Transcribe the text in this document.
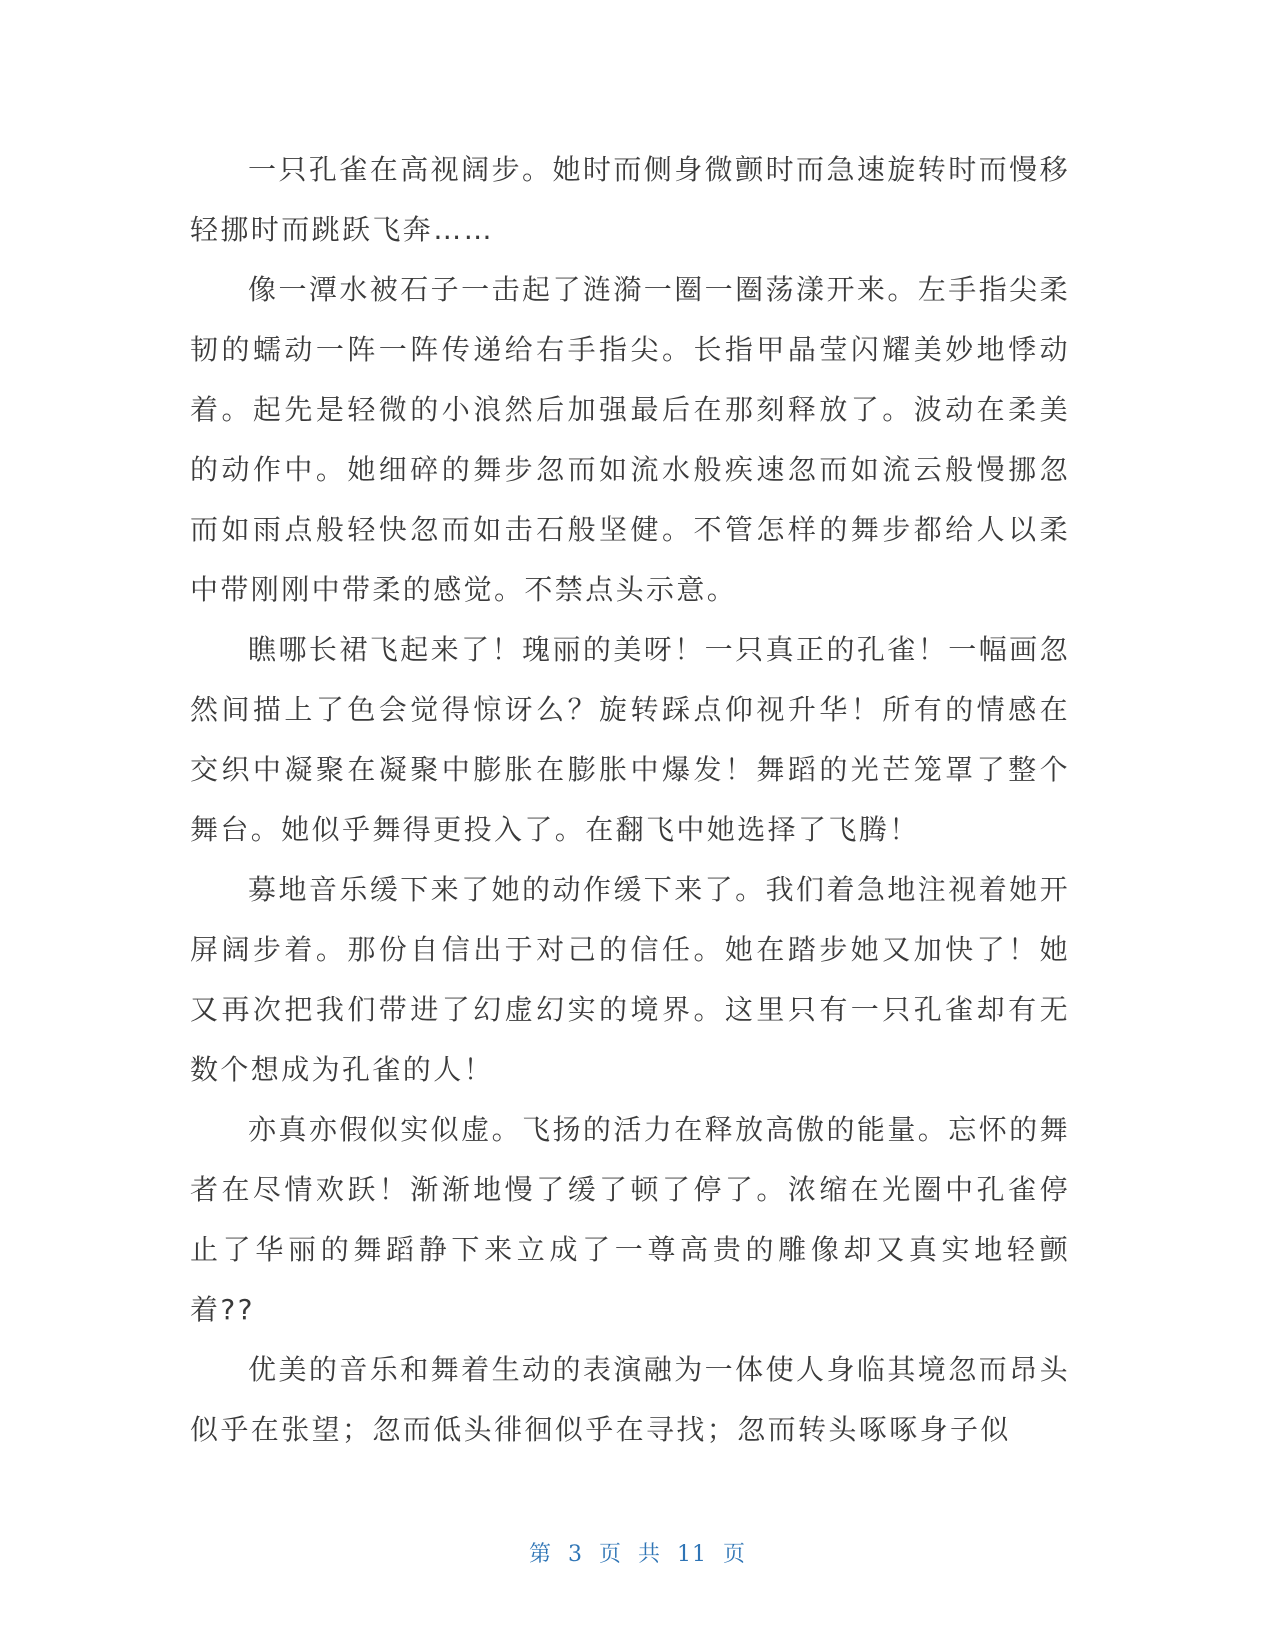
一只孔雀在高视阔步。她时而侧身微颤时而急速旋转时而慢移轻挪时而跳跃飞奔……

像一潭水被石子一击起了涟漪一圈一圈荡漾开来。左手指尖柔韧的蠕动一阵一阵传递给右手指尖。长指甲晶莹闪耀美妙地悸动着。起先是轻微的小浪然后加强最后在那刻释放了。波动在柔美的动作中。她细碎的舞步忽而如流水般疾速忽而如流云般慢挪忽而如雨点般轻快忽而如击石般坚健。不管怎样的舞步都给人以柔中带刚刚中带柔的感觉。不禁点头示意。

瞧哪长裙飞起来了！瑰丽的美呀！一只真正的孔雀！一幅画忽然间描上了色会觉得惊讶么？旋转踩点仰视升华！所有的情感在交织中凝聚在凝聚中膨胀在膨胀中爆发！舞蹈的光芒笼罩了整个舞台。她似乎舞得更投入了。在翻飞中她选择了飞腾！

募地音乐缓下来了她的动作缓下来了。我们着急地注视着她开屏阔步着。那份自信出于对己的信任。她在踏步她又加快了！她又再次把我们带进了幻虚幻实的境界。这里只有一只孔雀却有无数个想成为孔雀的人！

亦真亦假似实似虚。飞扬的活力在释放高傲的能量。忘怀的舞者在尽情欢跃！渐渐地慢了缓了顿了停了。浓缩在光圈中孔雀停止了华丽的舞蹈静下来立成了一尊高贵的雕像却又真实地轻颤着??

优美的音乐和舞着生动的表演融为一体使人身临其境忽而昂头似乎在张望；忽而低头徘徊似乎在寻找；忽而转头啄啄身子似

第 3 页 共 11 页
